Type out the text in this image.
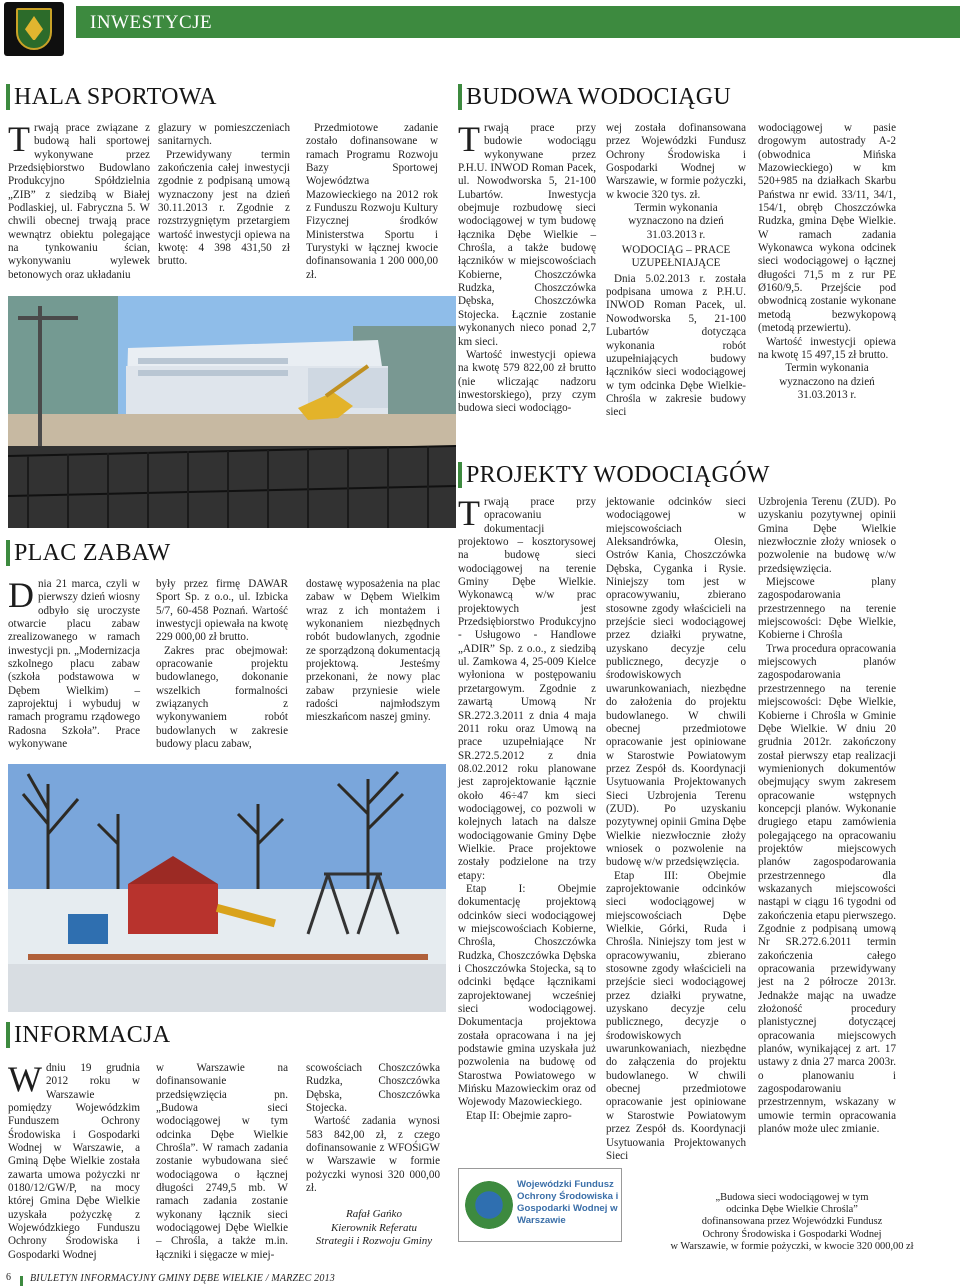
INWESTYCJE
HALA SPORTOWA

Trwają prace związane z budową hali sportowej wykonywane przez Przedsiębiorstwo Budowlano Produkcyjno Spółdzielnia „ZIB” z siedzibą w Białej Podlaskiej, ul. Fabryczna 5. W chwili obecnej trwają prace wewnątrz obiektu polegające na tynkowaniu ścian, wykonywaniu wylewek betonowych oraz układaniu

glazury w pomieszczeniach sanitarnych.

Przewidywany termin zakończenia całej inwestycji zgodnie z podpisaną umową wyznaczony jest na dzień 30.11.2013 r. Zgodnie z rozstrzygniętym przetargiem wartość inwestycji opiewa na kwotę: 4 398 431,50 zł brutto.

Przedmiotowe zadanie zostało dofinansowane w ramach Programu Rozwoju Bazy Sportowej Województwa Mazowieckiego na 2012 rok z Funduszu Rozwoju Kultury Fizycznej środków Ministerstwa Sportu i Turystyki w łącznej kwocie dofinansowania 1 200 000,00 zł.

BUDOWA WODOCIĄGU

Trwają prace przy budowie wodociągu wykonywane przez P.H.U. INWOD Roman Pacek, ul. Nowodworska 5, 21-100 Lubartów. Inwestycja obejmuje rozbudowę sieci wodociągowej w tym budowę łącznika Dębe Wielkie – Chrośla, a także budowę łączników w miejscowościach Kobierne, Choszczówka Rudzka, Choszczówka Dębska, Choszczówka Stojecka. Łącznie zostanie wykonanych nieco ponad 2,7 km sieci.

Wartość inwestycji opiewa na kwotę 579 822,00 zł brutto (nie wliczając nadzoru inwestorskiego), przy czym budowa sieci wodociągo-

wej została dofinansowana przez Wojewódzki Fundusz Ochrony Środowiska i Gospodarki Wodnej w Warszawie, w formie pożyczki, w kwocie 320 tys. zł.

Termin wykonania wyznaczono na dzień 31.03.2013 r.

WODOCIĄG – PRACE UZUPEŁNIAJĄCE

Dnia 5.02.2013 r. została podpisana umowa z P.H.U. INWOD Roman Pacek, ul. Nowodworska 5, 21-100 Lubartów dotycząca wykonania robót uzupełniających budowy łączników sieci wodociągowej w tym odcinka Dębe Wielkie-Chrośla w zakresie budowy sieci

wodociągowej w pasie drogowym autostrady A-2 (obwodnica Mińska Mazowieckiego) w km 520+985 na działkach Skarbu Państwa nr ewid. 33/11, 34/1, 154/1, obręb Choszczówka Rudzka, gmina Dębe Wielkie. W ramach zadania Wykonawca wykona odcinek sieci wodociągowej o łącznej długości 71,5 m z rur PE Ø160/9,5. Przejście pod obwodnicą zostanie wykonane metodą bezwykopową (metodą przewiertu).

Wartość inwestycji opiewa na kwotę 15 497,15 zł brutto.

Termin wykonania wyznaczono na dzień 31.03.2013 r.

PLAC ZABAW

Dnia 21 marca, czyli w pierwszy dzień wiosny odbyło się uroczyste otwarcie placu zabaw zrealizowanego w ramach inwestycji pn. „Modernizacja szkolnego placu zabaw (szkoła podstawowa w Dębem Wielkim) – zaprojektuj i wybuduj w ramach programu rządowego Radosna Szkoła”. Prace wykonywane

były przez firmę DAWAR Sport Sp. z o.o., ul. Izbicka 5/7, 60-458 Poznań. Wartość inwestycji opiewała na kwotę 229 000,00 zł brutto.

Zakres prac obejmował: opracowanie projektu budowlanego, dokonanie wszelkich formalności związanych z wykonywaniem robót budowlanych w zakresie budowy placu zabaw,

dostawę wyposażenia na plac zabaw w Dębem Wielkim wraz z ich montażem i wykonaniem niezbędnych robót budowlanych, zgodnie ze sporządzoną dokumentacją projektową. Jesteśmy przekonani, że nowy plac zabaw przyniesie wiele radości najmłodszym mieszkańcom naszej gminy.

INFORMACJA

Wdniu 19 grudnia 2012 roku w Warszawie pomiędzy Wojewódzkim Funduszem Ochrony Środowiska i Gospodarki Wodnej w Warszawie, a Gminą Dębe Wielkie została zawarta umowa pożyczki nr 0180/12/GW/P, na mocy której Gmina Dębe Wielkie uzyskała pożyczkę z Wojewódzkiego Funduszu Ochrony Środowiska i Gospodarki Wodnej

w Warszawie na dofinansowanie przedsięwzięcia pn. „Budowa sieci wodociągowej w tym odcinka Dębe Wielkie Chrośla”. W ramach zadania zostanie wybudowana sieć wodociągowa o łącznej długości 2749,5 mb. W ramach zadania zostanie wykonany łącznik sieci wodociągowej Dębe Wielkie – Chrośla, a także m.in. łączniki i sięgacze w miej-

scowościach Choszczówka Rudzka, Choszczówka Dębska, Choszczówka Stojecka.

Wartość zadania wynosi 583 842,00 zł, z czego dofinansowanie z WFOŚiGW w Warszawie w formie pożyczki wynosi 320 000,00 zł.

Rafał Gańko
Kierownik Referatu
Strategii i Rozwoju Gminy
PROJEKTY WODOCIĄGÓW

Trwają prace przy opracowaniu dokumentacji projektowo – kosztorysowej na budowę sieci wodociągowej na terenie Gminy Dębe Wielkie. Wykonawcą w/w prac projektowych jest Przedsiębiorstwo Produkcyjno - Usługowo - Handlowe „ADIR” Sp. z o.o., z siedzibą ul. Zamkowa 4, 25-009 Kielce wyłoniona w postępowaniu przetargowym. Zgodnie z zawartą Umową Nr SR.272.3.2011 z dnia 4 maja 2011 roku oraz Umową na prace uzupełniające Nr SR.272.5.2012 z dnia 08.02.2012 roku planowane jest zaprojektowanie łącznie około 46÷47 km sieci wodociągowej, co pozwoli w kolejnych latach na dalsze wodociągowanie Gminy Dębe Wielkie. Prace projektowe zostały podzielone na trzy etapy:

Etap I: Obejmie dokumentację projektową odcinków sieci wodociągowej w miejscowościach Kobierne, Chrośla, Choszczówka Rudzka, Choszczówka Dębska i Choszczówka Stojecka, są to odcinki będące łącznikami zaprojektowanej wcześniej sieci wodociągowej. Dokumentacja projektowa została opracowana i na jej podstawie gmina uzyskała już pozwolenia na budowę od Starostwa Powiatowego w Mińsku Mazowieckim oraz od Wojewody Mazowieckiego.

Etap II: Obejmie zapro-

jektowanie odcinków sieci wodociągowej w miejscowościach Aleksandrówka, Olesin, Ostrów Kania, Choszczówka Dębska, Cyganka i Rysie. Niniejszy tom jest w opracowywaniu, zbierano stosowne zgody właścicieli na przejście sieci wodociągowej przez działki prywatne, uzyskano decyzje celu publicznego, decyzje o środowiskowych uwarunkowaniach, niezbędne do założenia do projektu budowlanego. W chwili obecnej przedmiotowe opracowanie jest opiniowane w Starostwie Powiatowym przez Zespół ds. Koordynacji Usytuowania Projektowanych Sieci Uzbrojenia Terenu (ZUD). Po uzyskaniu pozytywnej opinii Gmina Dębe Wielkie niezwłocznie złoży wniosek o pozwolenie na budowę w/w przedsięwzięcia.

Etap III: Obejmie zaprojektowanie odcinków sieci wodociągowej w miejscowościach Dębe Wielkie, Górki, Ruda i Chrośla. Niniejszy tom jest w opracowywaniu, zbierano stosowne zgody właścicieli na przejście sieci wodociągowej przez działki prywatne, uzyskano decyzje celu publicznego, decyzje o środowiskowych uwarunkowaniach, niezbędne do załączenia do projektu budowlanego. W chwili obecnej przedmiotowe opracowanie jest opiniowane w Starostwie Powiatowym przez Zespół ds. Koordynacji Usytuowania Projektowanych Sieci

Uzbrojenia Terenu (ZUD). Po uzyskaniu pozytywnej opinii Gmina Dębe Wielkie niezwłocznie złoży wniosek o pozwolenie na budowę w/w przedsięwzięcia.

Miejscowe plany zagospodarowania przestrzennego na terenie miejscowości: Dębe Wielkie, Kobierne i Chrośla

Trwa procedura opracowania miejscowych planów zagospodarowania przestrzennego na terenie miejscowości: Dębe Wielkie, Kobierne i Chrośla w Gminie Dębe Wielkie. W dniu 20 grudnia 2012r. zakończony został pierwszy etap realizacji wymienionych dokumentów obejmujący swym zakresem opracowanie wstępnych koncepcji planów. Wykonanie drugiego etapu zamówienia polegającego na opracowaniu projektów miejscowych planów zagospodarowania przestrzennego dla wskazanych miejscowości nastąpi w ciągu 16 tygodni od zakończenia etapu pierwszego. Zgodnie z podpisaną umową Nr SR.272.6.2011 termin zakończenia całego opracowania przewidywany jest na 2 półrocze 2013r. Jednakże mając na uwadze złożoność procedury planistycznej dotyczącej opracowania miejscowych planów, wynikającej z art. 17 ustawy z dnia 27 marca 2003r. o planowaniu i zagospodarowaniu przestrzennym, wskazany w umowie termin opracowania planów może ulec zmianie.

Wojewódzki Fundusz Ochrony Środowiska i Gospodarki Wodnej w Warszawie
„Budowa sieci wodociągowej w tym
odcinka Dębe Wielkie Chrośla”
dofinansowana przez Wojewódzki Fundusz
Ochrony Środowiska i Gospodarki Wodnej
w Warszawie, w formie pożyczki, w kwocie 320 000,00 zł
6 BIULETYN INFORMACYJNY GMINY DĘBE WIELKIE / MARZEC 2013
